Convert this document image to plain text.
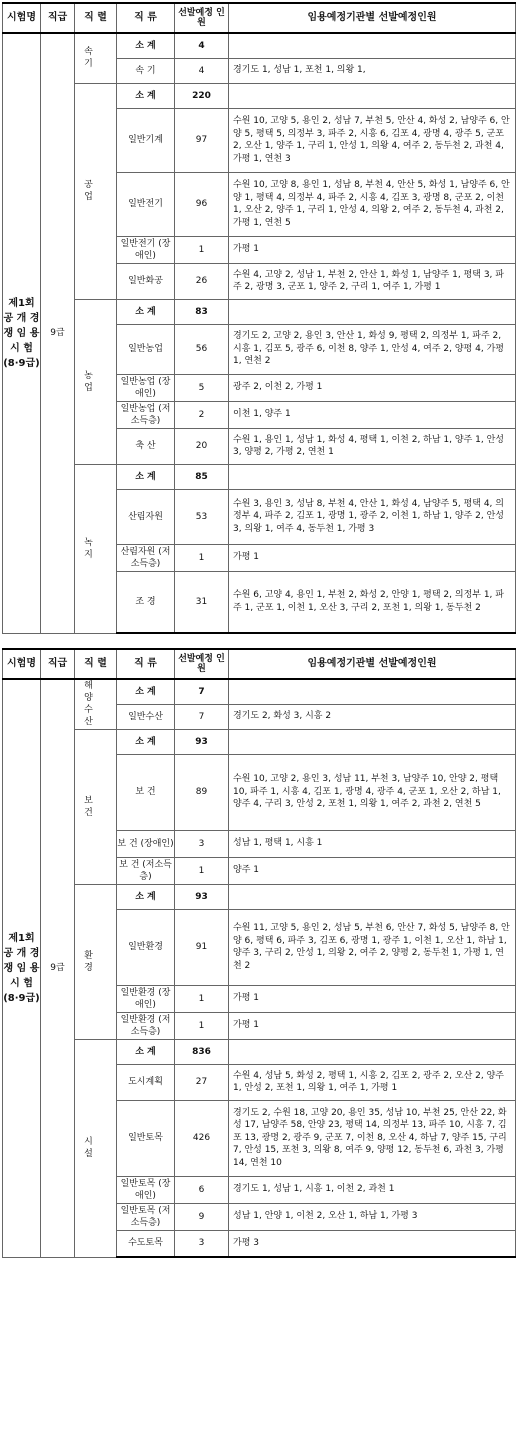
시험명	직급	직 렬	직 류	선발예정 인 원	임용예정기관별 선발예정인원
제1회 공 개 경 쟁 임 용 시 험 (8·9급)	9급	속 기	소 계	4	
			속 기	4	경기도 1, 성남 1, 포천 1, 의왕 1,
		공 업	소 계	220	
			일반기계	97	수원 10, 고양 5, 용인 2, 성남 7, 부천 5, 안산 4, 화성 2, 남양주 6, 안양 5, 평택 5, 의정부 3, 파주 2, 시흥 6, 김포 4, 광명 4, 광주 5, 군포 2, 오산 1, 양주 1, 구리 1, 안성 1, 의왕 4, 여주 2, 동두천 2, 과천 4, 가평 1, 연천 3
			일반전기	96	수원 10, 고양 8, 용인 1, 성남 8, 부천 4, 안산 5, 화성 1, 남양주 6, 안양 1, 평택 4, 의정부 4, 파주 2, 시흥 4, 김포 3, 광명 8, 군포 2, 이천 1, 오산 2, 양주 1, 구리 1, 안성 4, 의왕 2, 여주 2, 동두천 4, 과천 2, 가평 1, 연천 5
			일반전기 (장애인)	1	가평 1
			일반화공	26	수원 4, 고양 2, 성남 1, 부천 2, 안산 1, 화성 1, 남양주 1, 평택 3, 파주 2, 광명 3, 군포 1, 양주 2, 구리 1, 여주 1, 가평 1
		농 업	소 계	83	
			일반농업	56	경기도 2, 고양 2, 용인 3, 안산 1, 화성 9, 평택 2, 의정부 1, 파주 2, 시흥 1, 김포 5, 광주 6, 이천 8, 양주 1, 안성 4, 여주 2, 양평 4, 가평 1, 연천 2
			일반농업 (장애인)	5	광주 2, 이천 2, 가평 1
			일반농업 (저소득층)	2	이천 1, 양주 1
			축 산	20	수원 1, 용인 1, 성남 1, 화성 4, 평택 1, 이천 2, 하남 1, 양주 1, 안성 3, 양평 2, 가평 2, 연천 1
		녹 지	소 계	85	
			산림자원	53	수원 3, 용인 3, 성남 8, 부천 4, 안산 1, 화성 4, 남양주 5, 평택 4, 의정부 4, 파주 2, 김포 1, 광명 1, 광주 2, 이천 1, 하남 1, 양주 2, 안성 3, 의왕 1, 여주 4, 동두천 1, 가평 3
			산림자원 (저소득층)	1	가평 1
			조 경	31	수원 6, 고양 4, 용인 1, 부천 2, 화성 2, 안양 1, 평택 2, 의정부 1, 파주 1, 군포 1, 이천 1, 오산 3, 구리 2, 포천 1, 의왕 1, 동두천 2
시험명	직급	직 렬	직 류	선발예정 인 원	임용예정기관별 선발예정인원
제1회 공 개 경 쟁 임 용 시 험 (8·9급)	9급	해양수산	소 계	7	
			일반수산	7	경기도 2, 화성 3, 시흥 2
		보 건	소 계	93	
			보 건	89	수원 10, 고양 2, 용인 3, 성남 11, 부천 3, 남양주 10, 안양 2, 평택 10, 파주 1, 시흥 4, 김포 1, 광명 4, 광주 4, 군포 1, 오산 2, 하남 1, 양주 4, 구리 3, 안성 2, 포천 1, 의왕 1, 여주 2, 과천 2, 연천 5
			보 건 (장애인)	3	성남 1, 평택 1, 시흥 1
			보 건 (저소득층)	1	양주 1
		환 경	소 계	93	
			일반환경	91	수원 11, 고양 5, 용인 2, 성남 5, 부천 6, 안산 7, 화성 5, 남양주 8, 안양 6, 평택 6, 파주 3, 김포 6, 광명 1, 광주 1, 이천 1, 오산 1, 하남 1, 양주 3, 구리 2, 안성 1, 의왕 2, 여주 2, 양평 2, 동두천 1, 가평 1, 연천 2
			일반환경 (장애인)	1	가평 1
			일반환경 (저소득층)	1	가평 1
		시 설	소 계	836	
			도시계획	27	수원 4, 성남 5, 화성 2, 평택 1, 시흥 2, 김포 2, 광주 2, 오산 2, 양주 1, 안성 2, 포천 1, 의왕 1, 여주 1, 가평 1
			일반토목	426	경기도 2, 수원 18, 고양 20, 용인 35, 성남 10, 부천 25, 안산 22, 화성 17, 남양주 58, 안양 23, 평택 14, 의정부 13, 파주 10, 시흥 7, 김포 13, 광명 2, 광주 9, 군포 7, 이천 8, 오산 4, 하남 7, 양주 15, 구리 7, 안성 15, 포천 3, 의왕 8, 여주 9, 양평 12, 동두천 6, 과천 3, 가평 14, 연천 10
			일반토목 (장애인)	6	경기도 1, 성남 1, 시흥 1, 이천 2, 과천 1
			일반토목 (저소득층)	9	성남 1, 안양 1, 이천 2, 오산 1, 하남 1, 가평 3
			수도토목	3	가평 3
